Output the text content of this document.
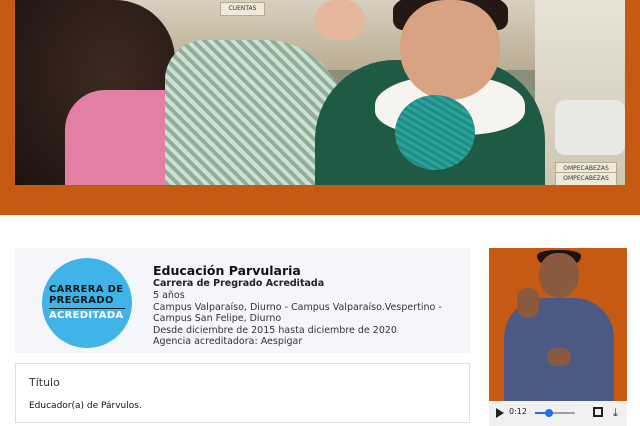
CUENTAS
OMPECABEZAS
OMPECABEZAS
CARRERA DE
PREGRADO
ACREDITADA
Educación Parvularia
Carrera de Pregrado Acreditada
5 años
Campus Valparaíso, Diurno - Campus Valparaíso.Vespertino -
Campus San Felipe, Diurno
Desde diciembre de 2015 hasta diciembre de 2020
Agencia acreditadora: Aespigar
Título
Educador(a) de Párvulos.
0:12	⤓
